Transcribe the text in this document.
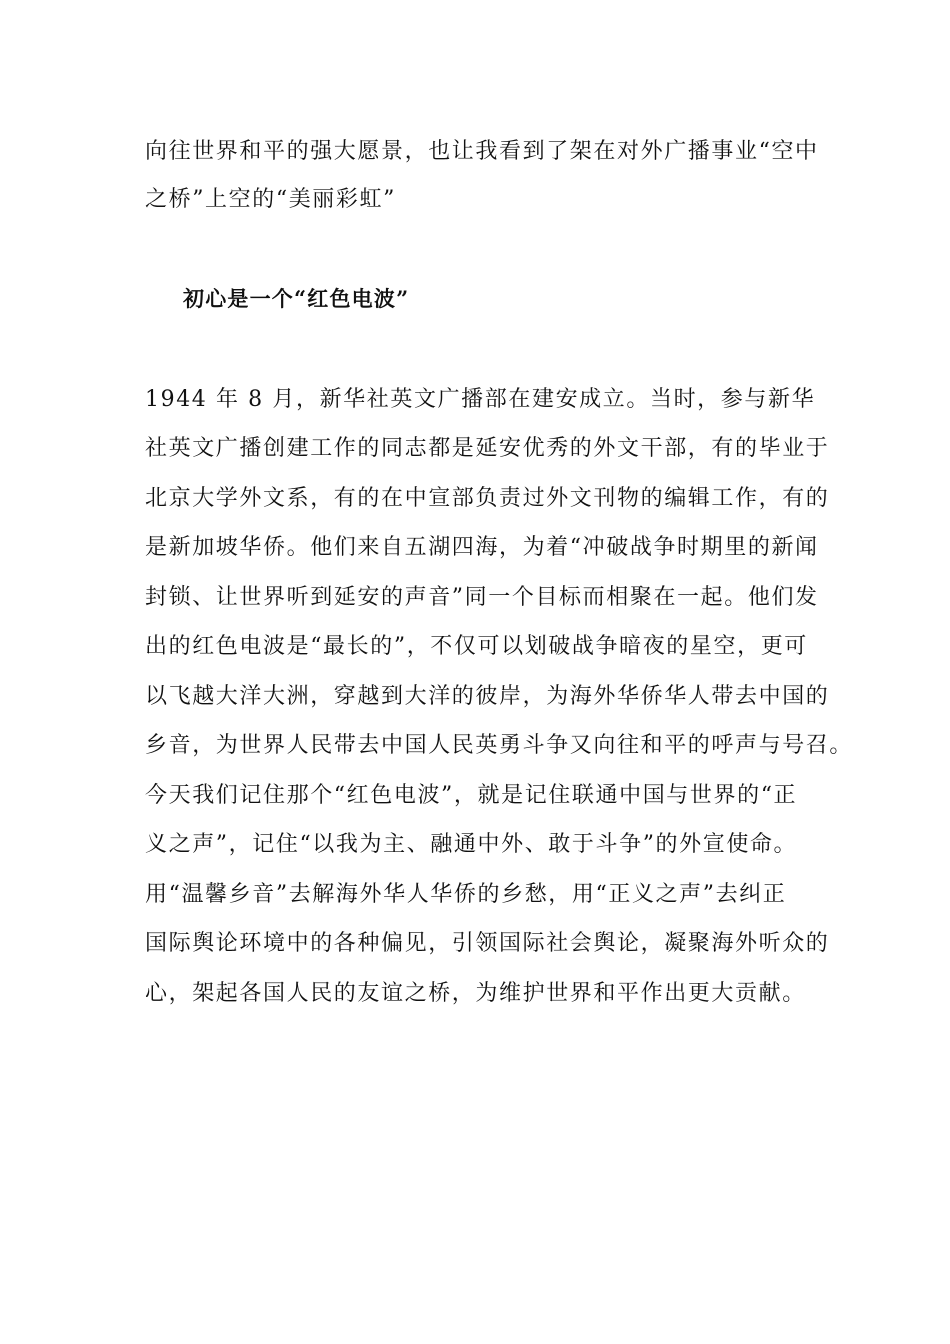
向往世界和平的强大愿景，也让我看到了架在对外广播事业“空中
之桥”上空的“美丽彩虹”
初心是一个“红色电波”
1944 年 8 月，新华社英文广播部在建安成立。当时，参与新华
社英文广播创建工作的同志都是延安优秀的外文干部，有的毕业于
北京大学外文系，有的在中宣部负责过外文刊物的编辑工作，有的
是新加坡华侨。他们来自五湖四海，为着“冲破战争时期里的新闻
封锁、让世界听到延安的声音”同一个目标而相聚在一起。他们发
出的红色电波是“最长的”，不仅可以划破战争暗夜的星空，更可
以飞越大洋大洲，穿越到大洋的彼岸，为海外华侨华人带去中国的
乡音，为世界人民带去中国人民英勇斗争又向往和平的呼声与号召。
今天我们记住那个“红色电波”，就是记住联通中国与世界的“正
义之声”，记住“以我为主、融通中外、敢于斗争”的外宣使命。
用“温馨乡音”去解海外华人华侨的乡愁，用“正义之声”去纠正
国际舆论环境中的各种偏见，引领国际社会舆论，凝聚海外听众的
心，架起各国人民的友谊之桥，为维护世界和平作出更大贡献。
